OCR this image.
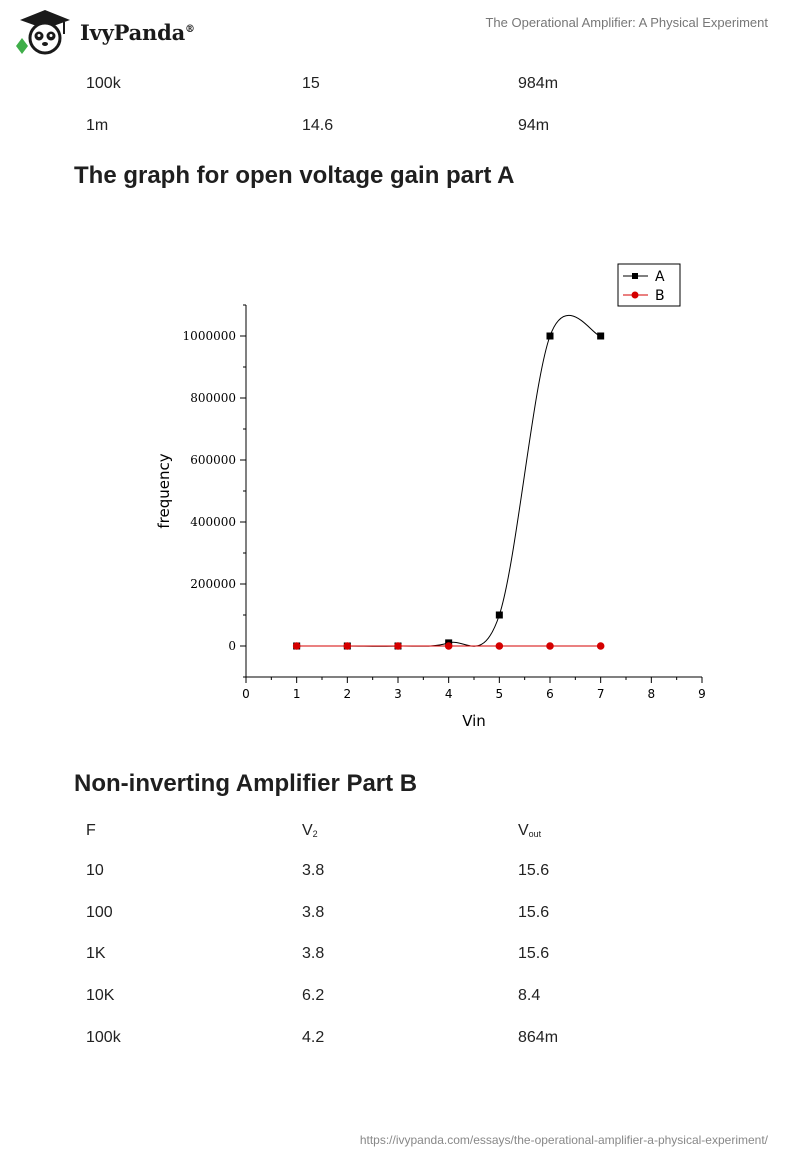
IvyPanda®	The Operational Amplifier: A Physical Experiment
100k	15	984m
1m	14.6	94m
The graph for open voltage gain part A
0	1	2	3	4	5	6	7	8	9
0
200000
400000
600000
800000
1000000
Vin
frequency
A
B
Non-inverting Amplifier Part B
F	$V_2$	$V_{out}$
10	3.8	15.6
100	3.8	15.6
1K	3.8	15.6
10K	6.2	8.4
100k	4.2	864m
https://ivypanda.com/essays/the-operational-amplifier-a-physical-experiment/
